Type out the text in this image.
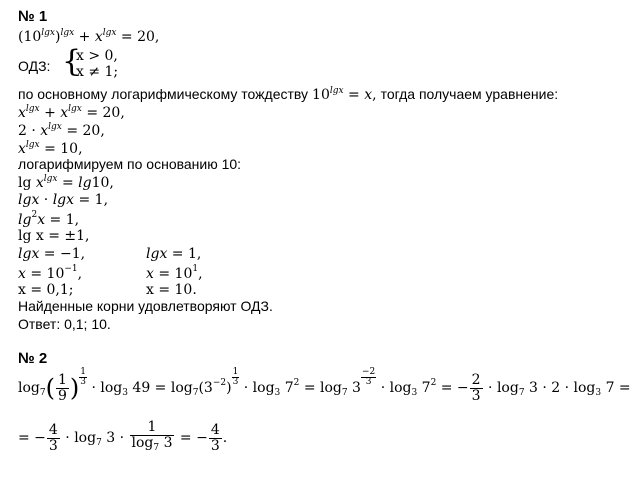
№ 1
$(10^{lgx})^{lgx} + x^{lgx} = 20$,
ОДЗ: {
x > 0,
x ≠ 1;
по основному логарифмическому тождеству $10^{lgx} = x$, тогда получаем уравнение:
$x^{lgx} + x^{lgx} = 20$,
$2 \cdot x^{lgx} = 20$,
$x^{lgx} = 10$,
логарифмируем по основанию 10:
$\lg x^{lgx} = \lg 10$,
lgx · lgx = 1,
$\lg^2x = 1$,
lg x = ±1,
lgx = −1,	lgx = 1,
$x = 10^{-1}$,	$x = 10^1$,
x = 0,1;	x = 10.
Найденные корни удовлетворяют ОДЗ.
Ответ: 0,1; 10.
№ 2
$\log_7( \frac{1}{9}$ ) $\frac{1}{3}$
· $\log_3 49 = \log_7(3^{-2})$
$\frac{1}{3}$
· $\log_3 7^2 = \log_7 3$
$\frac{-2}{3}$
· $\log_3 7^2$ = − $\frac{2}{3} \cdot \log_7 3 \cdot 2 \cdot \log_3 7$ =
= − $\frac{4}{3} \cdot \log_7 3 \cdot \frac{1}{\log_7 3}$ = − $\frac{4}{3}$ .
